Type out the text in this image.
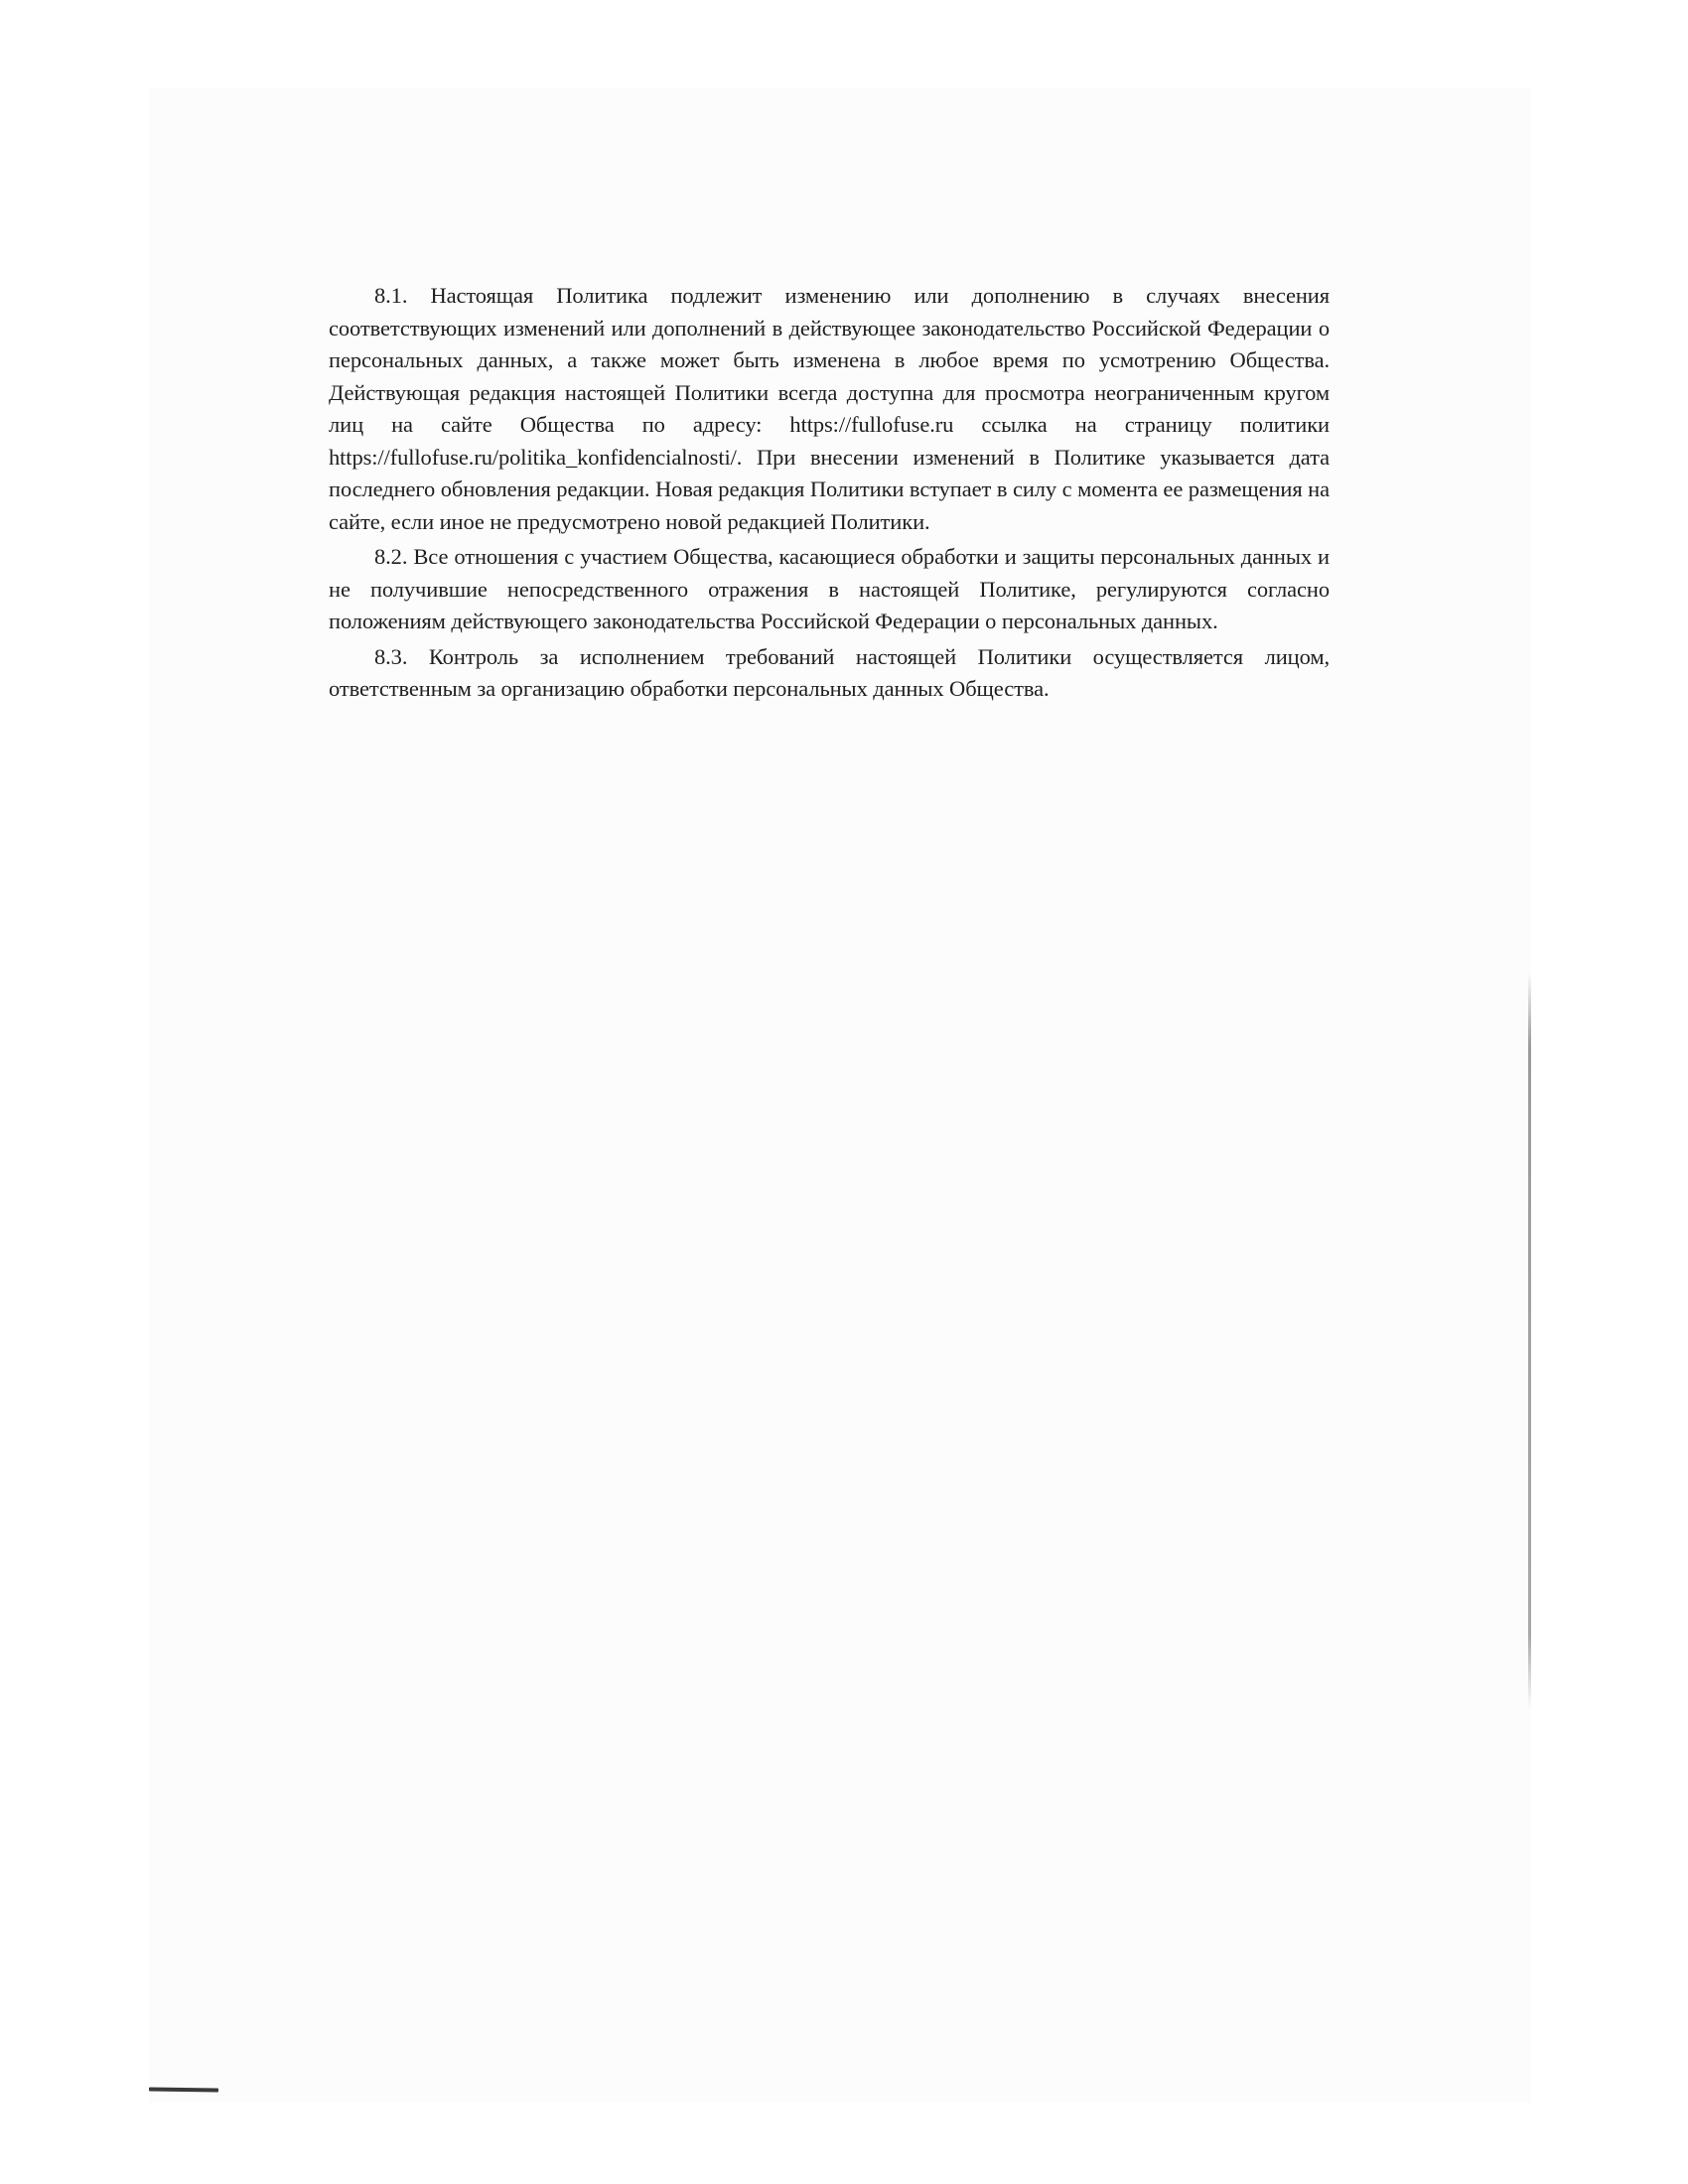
8.1. Настоящая Политика подлежит изменению или дополнению в случаях внесения соответствующих изменений или дополнений в действующее законодательство Российской Федерации о персональных данных, а также может быть изменена в любое время по усмотрению Общества. Действующая редакция настоящей Политики всегда доступна для просмотра неограниченным кругом лиц на сайте Общества по адресу: https://fullofuse.ru ссылка на страницу политики https://fullofuse.ru/politika_konfidencialnosti/. При внесении изменений в Политике указывается дата последнего обновления редакции. Новая редакция Политики вступает в силу с момента ее размещения на сайте, если иное не предусмотрено новой редакцией Политики.

8.2. Все отношения с участием Общества, касающиеся обработки и защиты персональных данных и не получившие непосредственного отражения в настоящей Политике, регулируются согласно положениям действующего законодательства Российской Федерации о персональных данных.

8.3. Контроль за исполнением требований настоящей Политики осуществляется лицом, ответственным за организацию обработки персональных данных Общества.
